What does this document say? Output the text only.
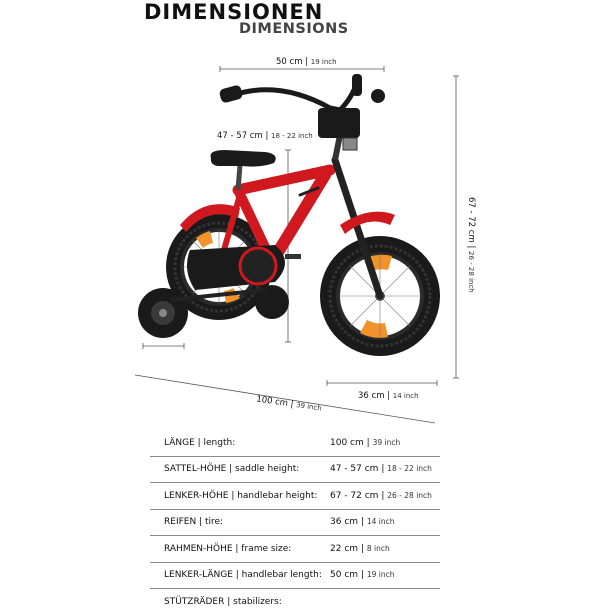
DIMENSIONEN
DIMENSIONS
50 cm | 19 inch
47 - 57 cm | 18 - 22 inch
67 - 72 cm | 26 - 28 inch
36 cm | 14 inch
100 cm | 39 inch
LÄNGE | length:	100 cm | 39 inch
SATTEL-HÖHE | saddle height:	47 - 57 cm | 18 - 22 inch
LENKER-HÖHE | handlebar height:	67 - 72 cm | 26 - 28 inch
REIFEN | tire:	36 cm | 14 inch
RAHMEN-HÖHE | frame size:	22 cm | 8 inch
LENKER-LÄNGE | handlebar length:	50 cm | 19 inch
STÜTZRÄDER | stabilizers:	
